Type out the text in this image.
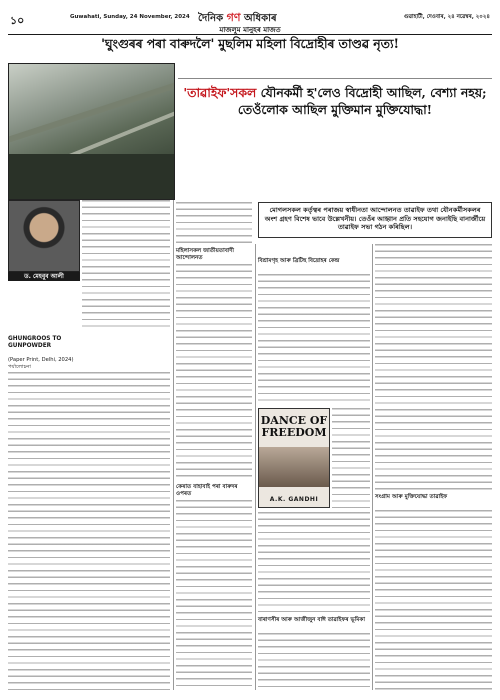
১০	Guwahati, Sunday, 24 November, 2024 দৈনিক গণ অধিকাৰ	গুৱাহাটী, দেওবাৰ, ২৪ নৱেম্বৰ, ২০২৪
মাজলুম মানুহৰ মাজত
'ঘুংগুৰৰ পৰা বাৰুদলৈ' মুছলিম মহিলা বিদ্ৰোহীৰ তাণ্ডৱ নৃত্য!
'তাৱাইফ'সকল যৌনকৰ্মী হ'লেও বিদ্ৰোহী আছিল, বেশ্যা নহয়; তেওঁলোক আছিল মুক্তিমান মুক্তিযোদ্ধা!
ড. মেহবুব আলী
GHUNGROOS TO GUNPOWDER
(Paper Print, Delhi, 2024) পৰ্যালোচনা
মোগলসকল কৰ্তৃত্বৰ পৰাজয় স্বাধীনতা আন্দোলনত তাৱাইফ তথা যৌনকৰ্মীসকলৰ অংশ গ্ৰহণ বিশেষ ভাবে উল্লেখনীয়। তেওঁৰ আহ্বান প্ৰতি সহযোগ জনাইছি বানাৰ্জীয়ে তাৱাইফ সভা গঠন কৰিছিল।
মহিলাসকল জাতীয়তাবাদী আন্দোলনত	বিশ্ৰামগৃহ আৰু ব্ৰিটিছ বিদ্ৰোহৰ কেন্দ্ৰ
কেৰাত বাহাবাই পৰা বাৰুদৰ ওপৰত
বাৰাণসীৰ আৰু আজীজুন বাঈ তাৱাইফৰ ভূমিকা
সংগ্ৰাম আৰু মুক্তিযোদ্ধা তাৱাইফ
DANCE OF FREEDOM
A.K. GANDHI
